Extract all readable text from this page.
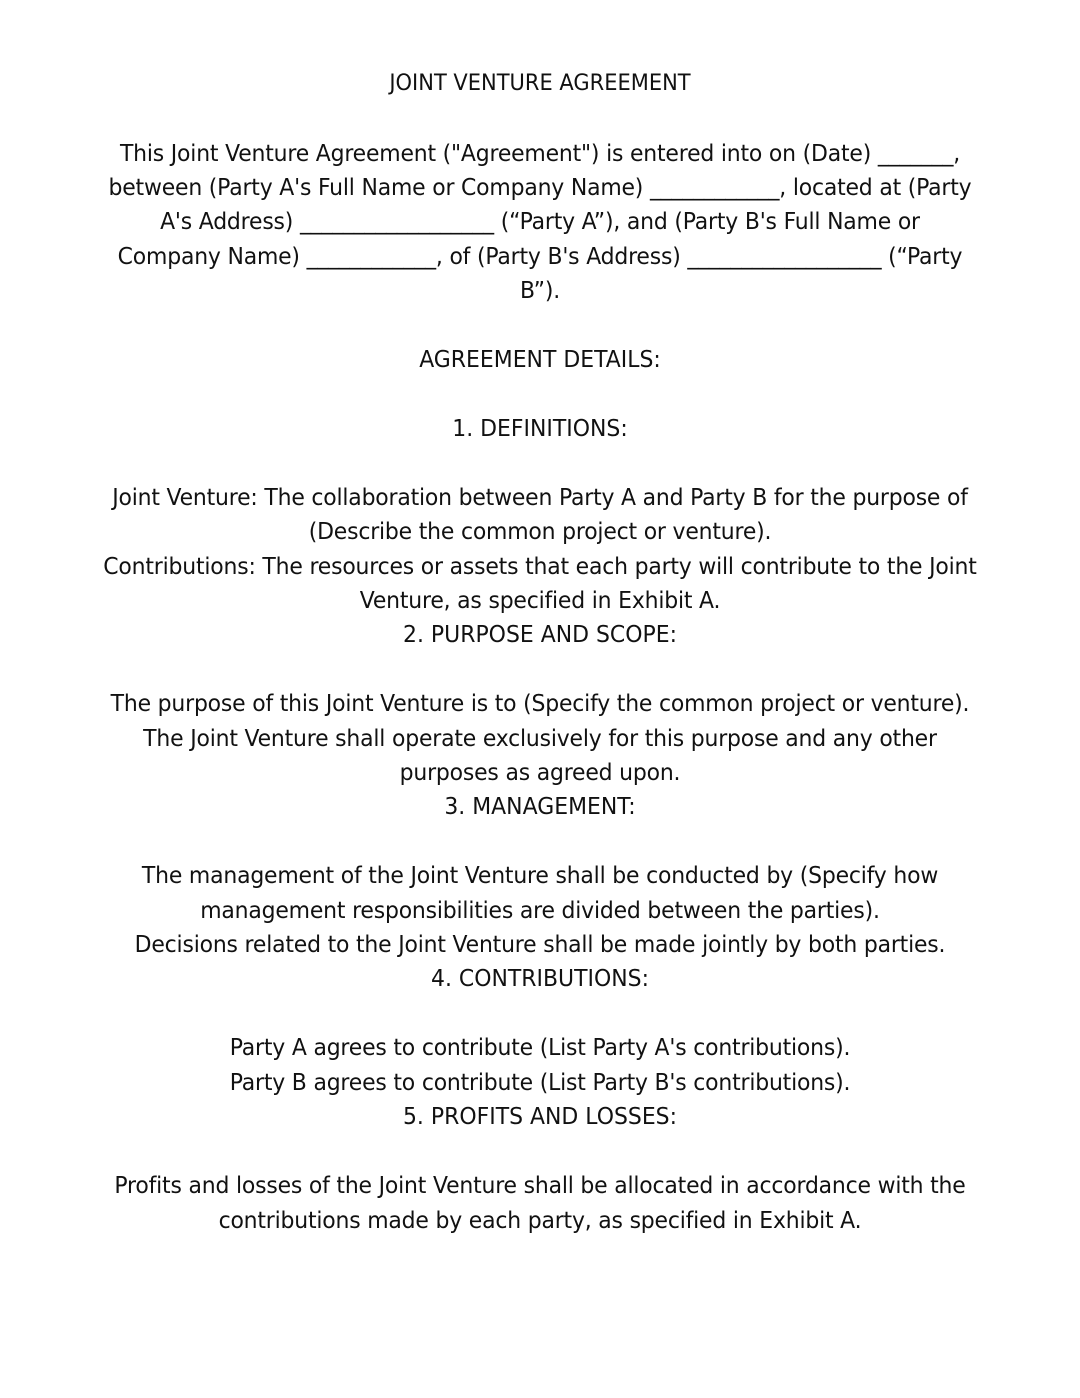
JOINT VENTURE AGREEMENT
This Joint Venture Agreement ("Agreement") is entered into on (Date) _______,
between (Party A's Full Name or Company Name) ____________, located at (Party
A's Address) __________________ (“Party A”), and (Party B's Full Name or
Company Name) ____________, of (Party B's Address) __________________ (“Party
B”).
AGREEMENT DETAILS:
1. DEFINITIONS:
Joint Venture: The collaboration between Party A and Party B for the purpose of
(Describe the common project or venture).
Contributions: The resources or assets that each party will contribute to the Joint
Venture, as specified in Exhibit A.
2. PURPOSE AND SCOPE:
The purpose of this Joint Venture is to (Specify the common project or venture).
The Joint Venture shall operate exclusively for this purpose and any other
purposes as agreed upon.
3. MANAGEMENT:
The management of the Joint Venture shall be conducted by (Specify how
management responsibilities are divided between the parties).
Decisions related to the Joint Venture shall be made jointly by both parties.
4. CONTRIBUTIONS:
Party A agrees to contribute (List Party A's contributions).
Party B agrees to contribute (List Party B's contributions).
5. PROFITS AND LOSSES:
Profits and losses of the Joint Venture shall be allocated in accordance with the
contributions made by each party, as specified in Exhibit A.
